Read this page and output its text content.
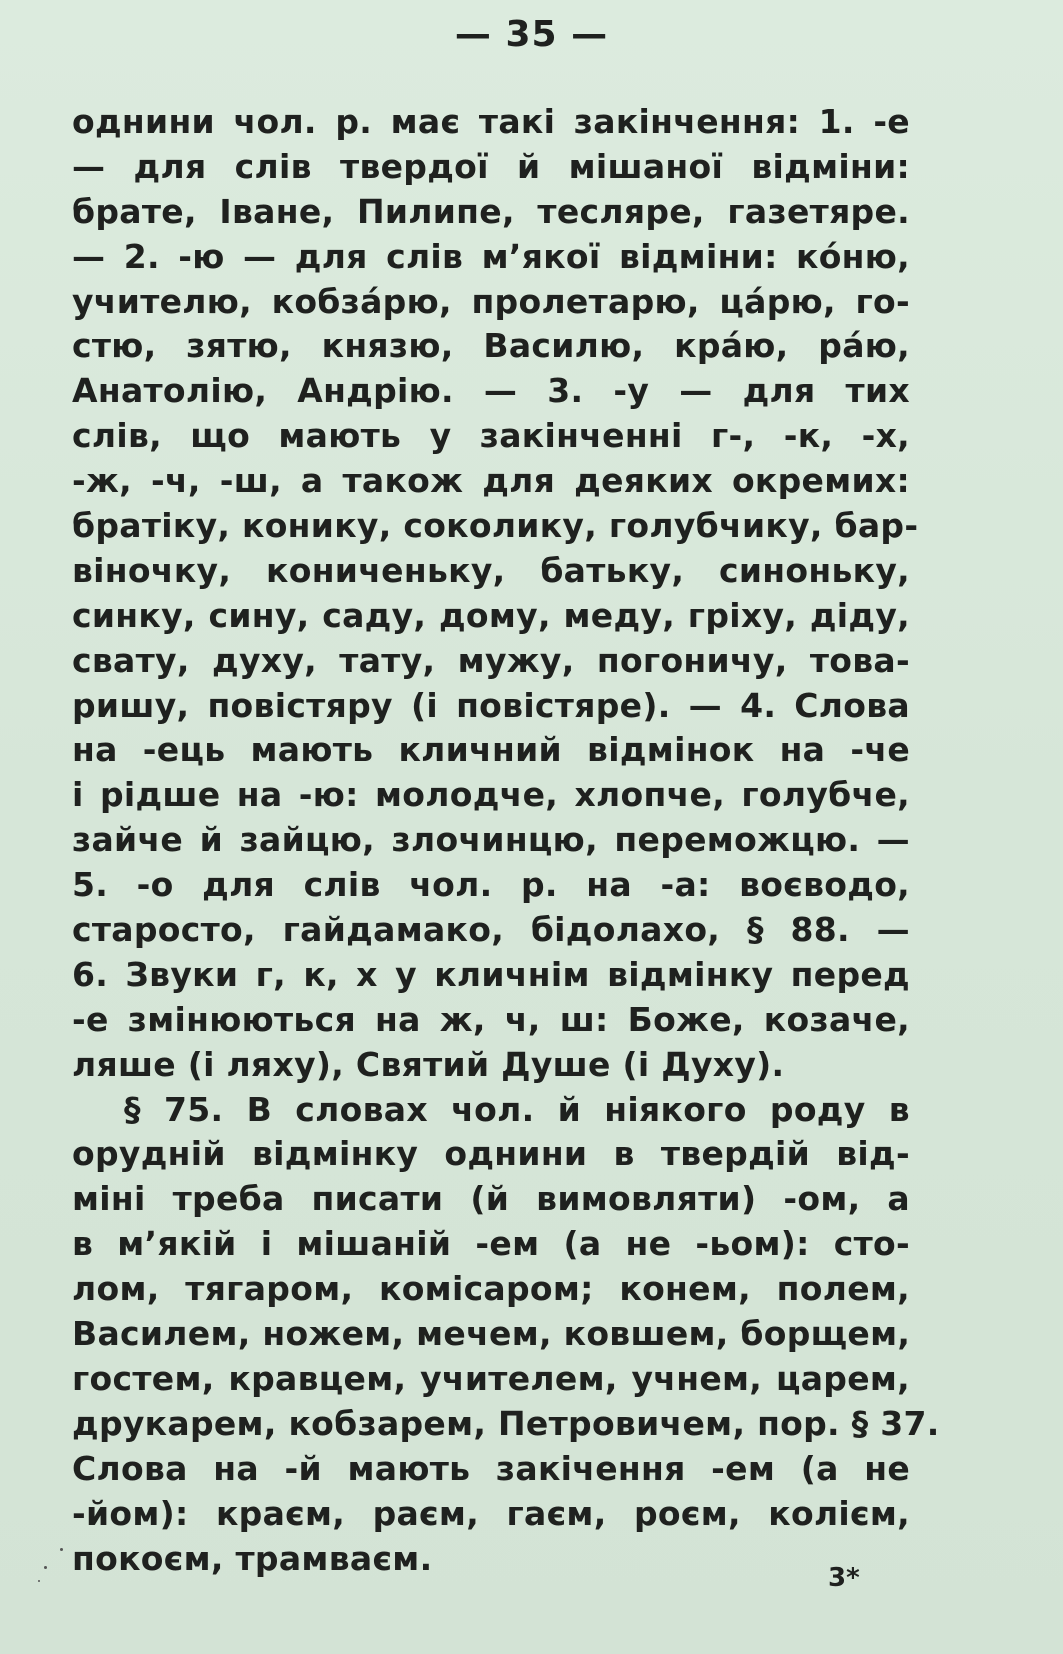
— 35 —
однини чол. р. має такі закінчення: 1. -е
— для слів твердої й мішаної відміни:
брате, Іване, Пилипе, тесляре, газетяре.
— 2. -ю — для слів м’якої відміни: ко́ню,
учителю, кобза́рю, пролетарю, ца́рю, го-
стю, зятю, князю, Василю, кра́ю, ра́ю,
Анатолію, Андрію. — 3. -у — для тих
слів, що мають у закінченні г-, -к, -х,
-ж, -ч, -ш, а також для деяких окремих:
братіку, конику, соколику, голубчику, бар-
віночку, коничeньку, батьку, синоньку,
синку, сину, саду, дому, меду, гріху, діду,
свату, духу, тату, мужу, погоничу, това-
ришу, повістяру (і повістяре). — 4. Слова
на -ець мають кличний відмінок на -че
і рідше на -ю: молодче, хлопче, голубче,
зайче й зайцю, злочинцю, переможцю. —
5. -о для слів чол. р. на -а: воєводо,
старосто, гайдамако, бідолахо, § 88. —
6. Звуки г, к, х у кличнім відмінку перед
-е змінюються на ж, ч, ш: Боже, козаче,
ляше (і ляху), Святий Душе (і Духу).
§ 75. В словах чол. й ніякого роду в
орудній відмінку однини в твердій від-
міні треба писати (й вимовляти) -ом, а
в м’якій і мішаній -ем (а не -ьом): сто-
лом, тягаром, комісаром; конем, полем,
Василем, ножем, мечем, ковшем, борщем,
гостем, кравцем, учителем, учнем, царем,
друкарем, кобзарем, Петровичем, пор. § 37.
Слова на -й мають закічення -ем (а не
-йом): краєм, раєм, гаєм, роєм, колієм,
покоєм, трамваєм.
3*
